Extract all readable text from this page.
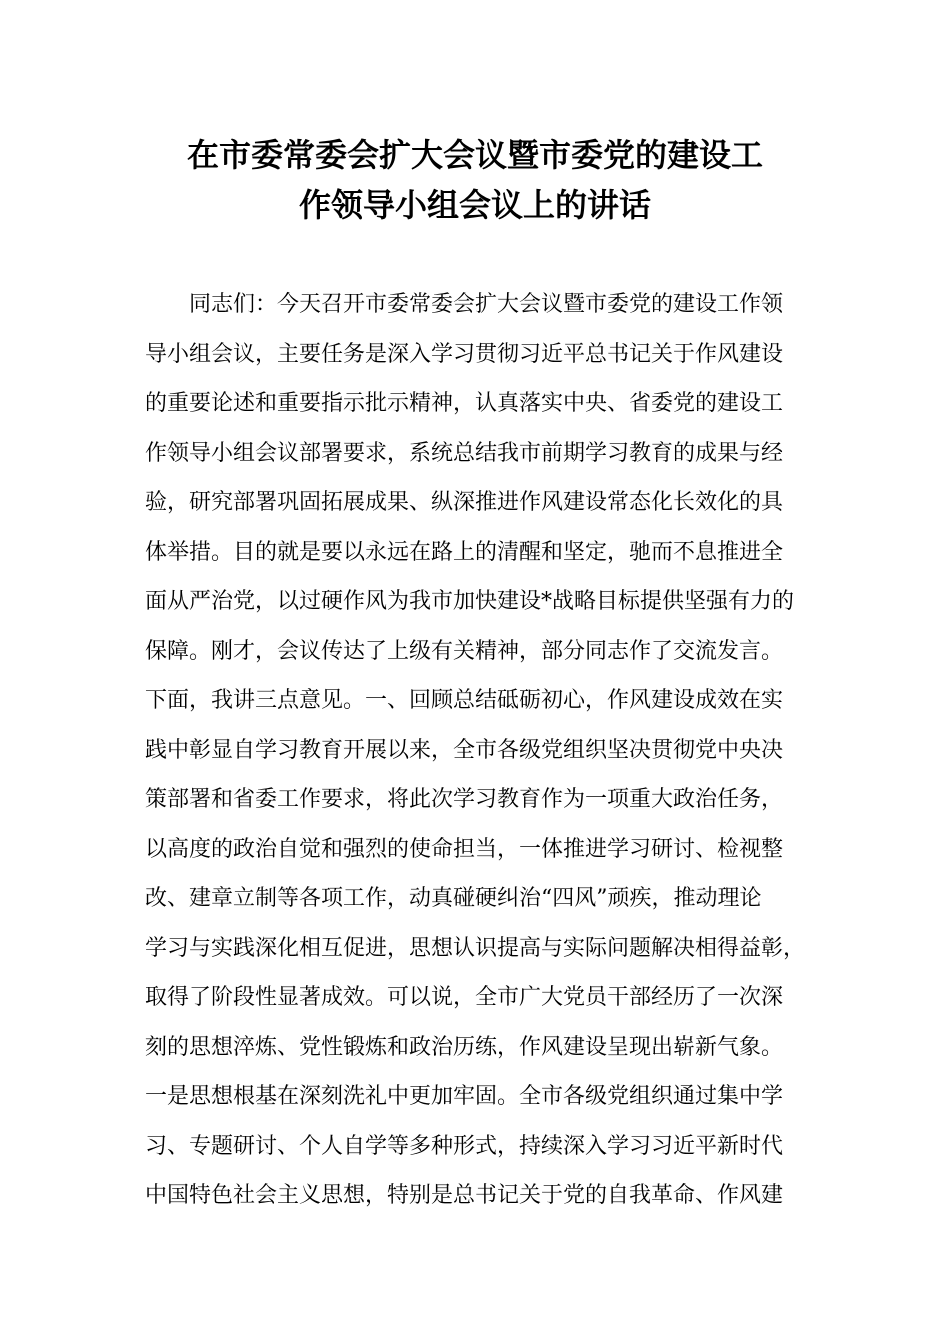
在市委常委会扩大会议暨市委党的建设工
作领导小组会议上的讲话
同志们：今天召开市委常委会扩大会议暨市委党的建设工作领
导小组会议，主要任务是深入学习贯彻习近平总书记关于作风建设
的重要论述和重要指示批示精神，认真落实中央、省委党的建设工
作领导小组会议部署要求，系统总结我市前期学习教育的成果与经
验，研究部署巩固拓展成果、纵深推进作风建设常态化长效化的具
体举措。目的就是要以永远在路上的清醒和坚定，驰而不息推进全
面从严治党，以过硬作风为我市加快建设*战略目标提供坚强有力的
保障。刚才，会议传达了上级有关精神，部分同志作了交流发言。
下面，我讲三点意见。一、回顾总结砥砺初心，作风建设成效在实
践中彰显自学习教育开展以来，全市各级党组织坚决贯彻党中央决
策部署和省委工作要求，将此次学习教育作为一项重大政治任务，
以高度的政治自觉和强烈的使命担当，一体推进学习研讨、检视整
改、建章立制等各项工作，动真碰硬纠治“四风”顽疾，推动理论
学习与实践深化相互促进，思想认识提高与实际问题解决相得益彰，
取得了阶段性显著成效。可以说，全市广大党员干部经历了一次深
刻的思想淬炼、党性锻炼和政治历练，作风建设呈现出崭新气象。
一是思想根基在深刻洗礼中更加牢固。全市各级党组织通过集中学
习、专题研讨、个人自学等多种形式，持续深入学习习近平新时代
中国特色社会主义思想，特别是总书记关于党的自我革命、作风建
